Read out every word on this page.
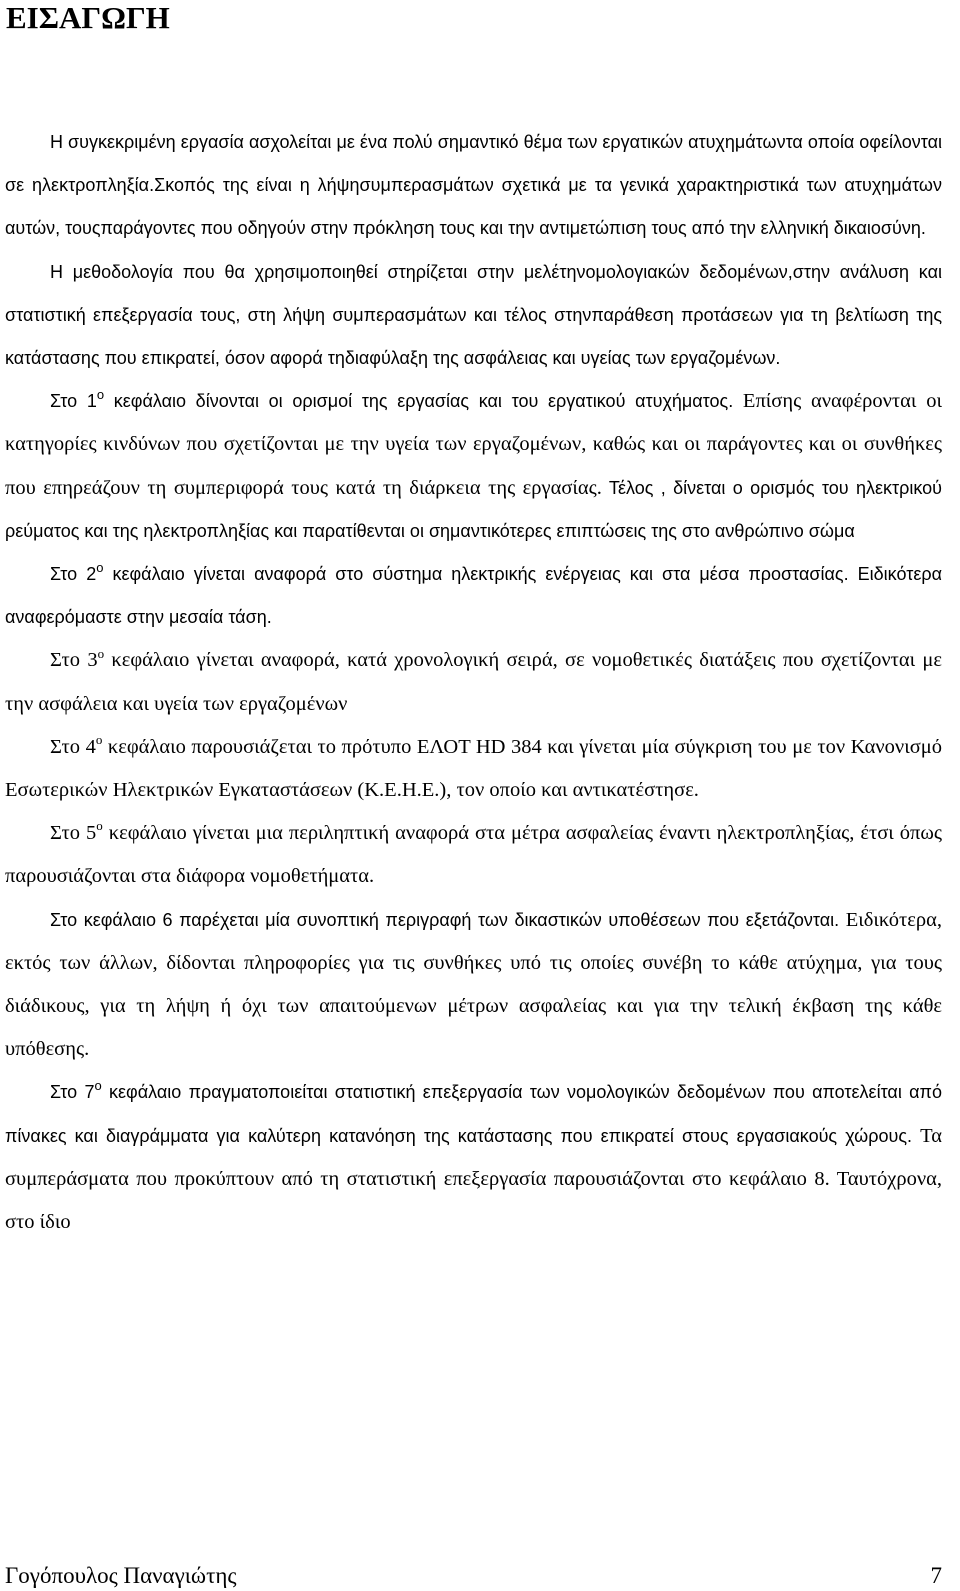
ΕΙΣΑΓΩΓΗ

Η συγκεκριμένη εργασία ασχολείται με ένα πολύ σημαντικό θέμα των εργατικών ατυχημάτωντα οποία οφείλονται σε ηλεκτροπληξία.Σκοπός της είναι η λήψησυμπερασμάτων σχετικά με τα γενικά χαρακτηριστικά των ατυχημάτων αυτών, τουςπαράγοντες που οδηγούν στην πρόκληση τους και την αντιμετώπιση τους από την ελληνική δικαιοσύνη.

Η μεθοδολογία που θα χρησιμοποιηθεί στηρίζεται στην μελέτηνομολογιακών δεδομένων,στην ανάλυση και στατιστική επεξεργασία τους, στη λήψη συμπερασμάτων και τέλος στηνπαράθεση προτάσεων για τη βελτίωση της κατάστασης που επικρατεί, όσον αφορά τηδιαφύλαξη της ασφάλειας και υγείας των εργαζομένων.

Στο $1^o$ κεφάλαιο δίνονται οι ορισμοί της εργασίας και του εργατικού ατυχήματος. Επίσης αναφέρονται οι κατηγορίες κινδύνων που σχετίζονται με την υγεία των εργαζομένων, καθώς και οι παράγοντες και οι συνθήκες που επηρεάζουν τη συμπεριφορά τους κατά τη διάρκεια της εργασίας. Τέλος , δίνεται ο ορισμός του ηλεκτρικού ρεύματος και της ηλεκτροπληξίας και παρατίθενται οι σημαντικότερες επιπτώσεις της στο ανθρώπινο σώμα

Στο $2^o$ κεφάλαιο γίνεται αναφορά στο σύστημα ηλεκτρικής ενέργειας και στα μέσα προστασίας. Ειδικότερα αναφερόμαστε στην μεσαία τάση.

Στο $3^o$ κεφάλαιο γίνεται αναφορά, κατά χρονολογική σειρά, σε νομοθετικές διατάξεις που σχετίζονται με την ασφάλεια και υγεία των εργαζομένων

Στο $4^o$ κεφάλαιο παρουσιάζεται το πρότυπο ΕΛΟΤ HD 384 και γίνεται μία σύγκριση του με τον Κανονισμό Εσωτερικών Ηλεκτρικών Εγκαταστάσεων (Κ.Ε.Η.Ε.), τον οποίο και αντικατέστησε.

Στο $5^o$ κεφάλαιο γίνεται μια περιληπτική αναφορά στα μέτρα ασφαλείας έναντι ηλεκτροπληξίας, έτσι όπως παρουσιάζονται στα διάφορα νομοθετήματα.

Στο κεφάλαιο 6 παρέχεται μία συνοπτική περιγραφή των δικαστικών υποθέσεων που εξετάζονται. Ειδικότερα, εκτός των άλλων, δίδονται πληροφορίες για τις συνθήκες υπό τις οποίες συνέβη το κάθε ατύχημα, για τους διάδικους, για τη λήψη ή όχι των απαιτούμενων μέτρων ασφαλείας και για την τελική έκβαση της κάθε υπόθεσης.

Στο $7^o$ κεφάλαιο πραγματοποιείται στατιστική επεξεργασία των νομολογικών δεδομένων που αποτελείται από πίνακες και διαγράμματα για καλύτερη κατανόηση της κατάστασης που επικρατεί στους εργασιακούς χώρους. Τα συμπεράσματα που προκύπτουν από τη στατιστική επεξεργασία παρουσιάζονται στο κεφάλαιο 8. Ταυτόχρονα, στο ίδιο

Γογόπουλος Παναγιώτης	7
